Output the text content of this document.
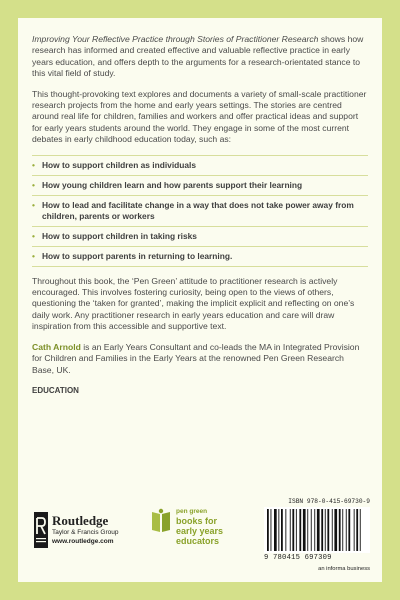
Improving Your Reflective Practice through Stories of Practitioner Research shows how research has informed and created effective and valuable reflective practice in early years education, and offers depth to the arguments for a research-orientated stance to this vital field of study.

This thought-provoking text explores and documents a variety of small-scale practitioner research projects from the home and early years settings. The stories are centred around real life for children, families and workers and offer practical ideas and support for early years students around the world. They engage in some of the most current debates in early childhood education today, such as:

• How to support children as individuals
• How young children learn and how parents support their learning
• How to lead and facilitate change in a way that does not take power away from children, parents or workers
• How to support children in taking risks
• How to support parents in returning to learning.

Throughout this book, the ‘Pen Green’ attitude to practitioner research is actively encouraged. This involves fostering curiosity, being open to the views of others, questioning the ‘taken for granted’, making the implicit explicit and reflecting on one’s daily work. Any practitioner research in early years education and care will draw inspiration from this accessible and supportive text.

Cath Arnold is an Early Years Consultant and co-leads the MA in Integrated Provision for Children and Families in the Early Years at the renowned Pen Green Research Base, UK.

EDUCATION
Routledge
Taylor & Francis Group
www.routledge.com
pen green
books for
early years
educators
ISBN 978-0-415-69730-9
9 780415 697309
an informa business
